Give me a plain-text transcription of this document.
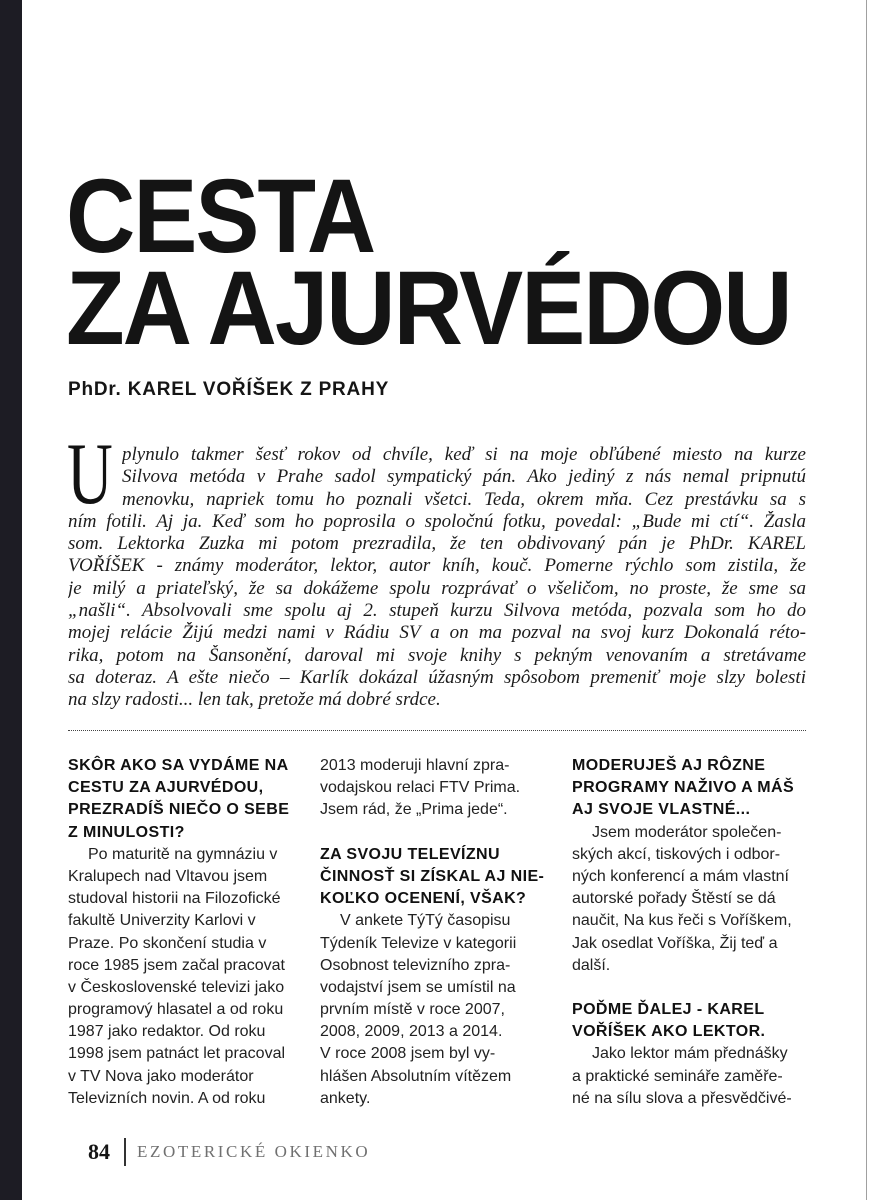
CESTA
ZA AJURVÉDOU
PhDr. KAREL VOŘÍŠEK Z PRAHY
U plynulo takmer šesť rokov od chvíle, keď si na moje obľúbené miesto na kurze
Silvova metóda v Prahe sadol sympatický pán. Ako jediný z nás nemal pripnutú
menovku, napriek tomu ho poznali všetci. Teda, okrem mňa. Cez prestávku sa s
ním fotili. Aj ja. Keď som ho poprosila o spoločnú fotku, povedal: „Bude mi ctí“. Žasla
som. Lektorka Zuzka mi potom prezradila, že ten obdivovaný pán je PhDr. KAREL
VOŘÍŠEK - známy moderátor, lektor, autor kníh, kouč. Pomerne rýchlo som zistila, že
je milý a priateľský, že sa dokážeme spolu rozprávať o všeličom, no proste, že sme sa
„našli“. Absolvovali sme spolu aj 2. stupeň kurzu Silvova metóda, pozvala som ho do
mojej relácie Žijú medzi nami v Rádiu SV a on ma pozval na svoj kurz Dokonalá réto-
rika, potom na Šansonění, daroval mi svoje knihy s pekným venovaním a stretávame
sa doteraz. A ešte niečo – Karlík dokázal úžasným spôsobom premeniť moje slzy bolesti
na slzy radosti... len tak, pretože má dobré srdce.
SKÔR AKO SA VYDÁME NA
CESTU ZA AJURVÉDOU,
PREZRADÍŠ NIEČO O SEBE
Z MINULOSTI?
Po maturitě na gymnáziu v
Kralupech nad Vltavou jsem
studoval historii na Filozofické
fakultě Univerzity Karlovi v
Praze. Po skončení studia v
roce 1985 jsem začal pracovat
v Československé televizi jako
programový hlasatel a od roku
1987 jako redaktor. Od roku
1998 jsem patnáct let pracoval
v TV Nova jako moderátor
Televizních novin. A od roku
2013 moderuji hlavní zpra-
vodajskou relaci FTV Prima.
Jsem rád, že „Prima jede“.
ZA SVOJU TELEVÍZNU
ČINNOSŤ SI ZÍSKAL AJ NIE-
KOĽKO OCENENÍ, VŠAK?
V ankete TýTý časopisu
Týdeník Televize v kategorii
Osobnost televizního zpra-
vodajství jsem se umístil na
prvním místě v roce 2007,
2008, 2009, 2013 a 2014.
V roce 2008 jsem byl vy-
hlášen Absolutním vítězem
ankety.
MODERUJEŠ AJ RÔZNE
PROGRAMY NAŽIVO A MÁŠ
AJ SVOJE VLASTNÉ...
Jsem moderátor společen-
ských akcí, tiskových i odbor-
ných konferencí a mám vlastní
autorské pořady Štěstí se dá
naučit, Na kus řeči s Voříškem,
Jak osedlat Voříška, Žij teď a
další.
POĎME ĎALEJ - KAREL
VOŘÍŠEK AKO LEKTOR.
Jako lektor mám přednášky
a praktické semináře zaměře-
né na sílu slova a přesvědčivé-
84 EZOTERICKÉ OKIENKO
